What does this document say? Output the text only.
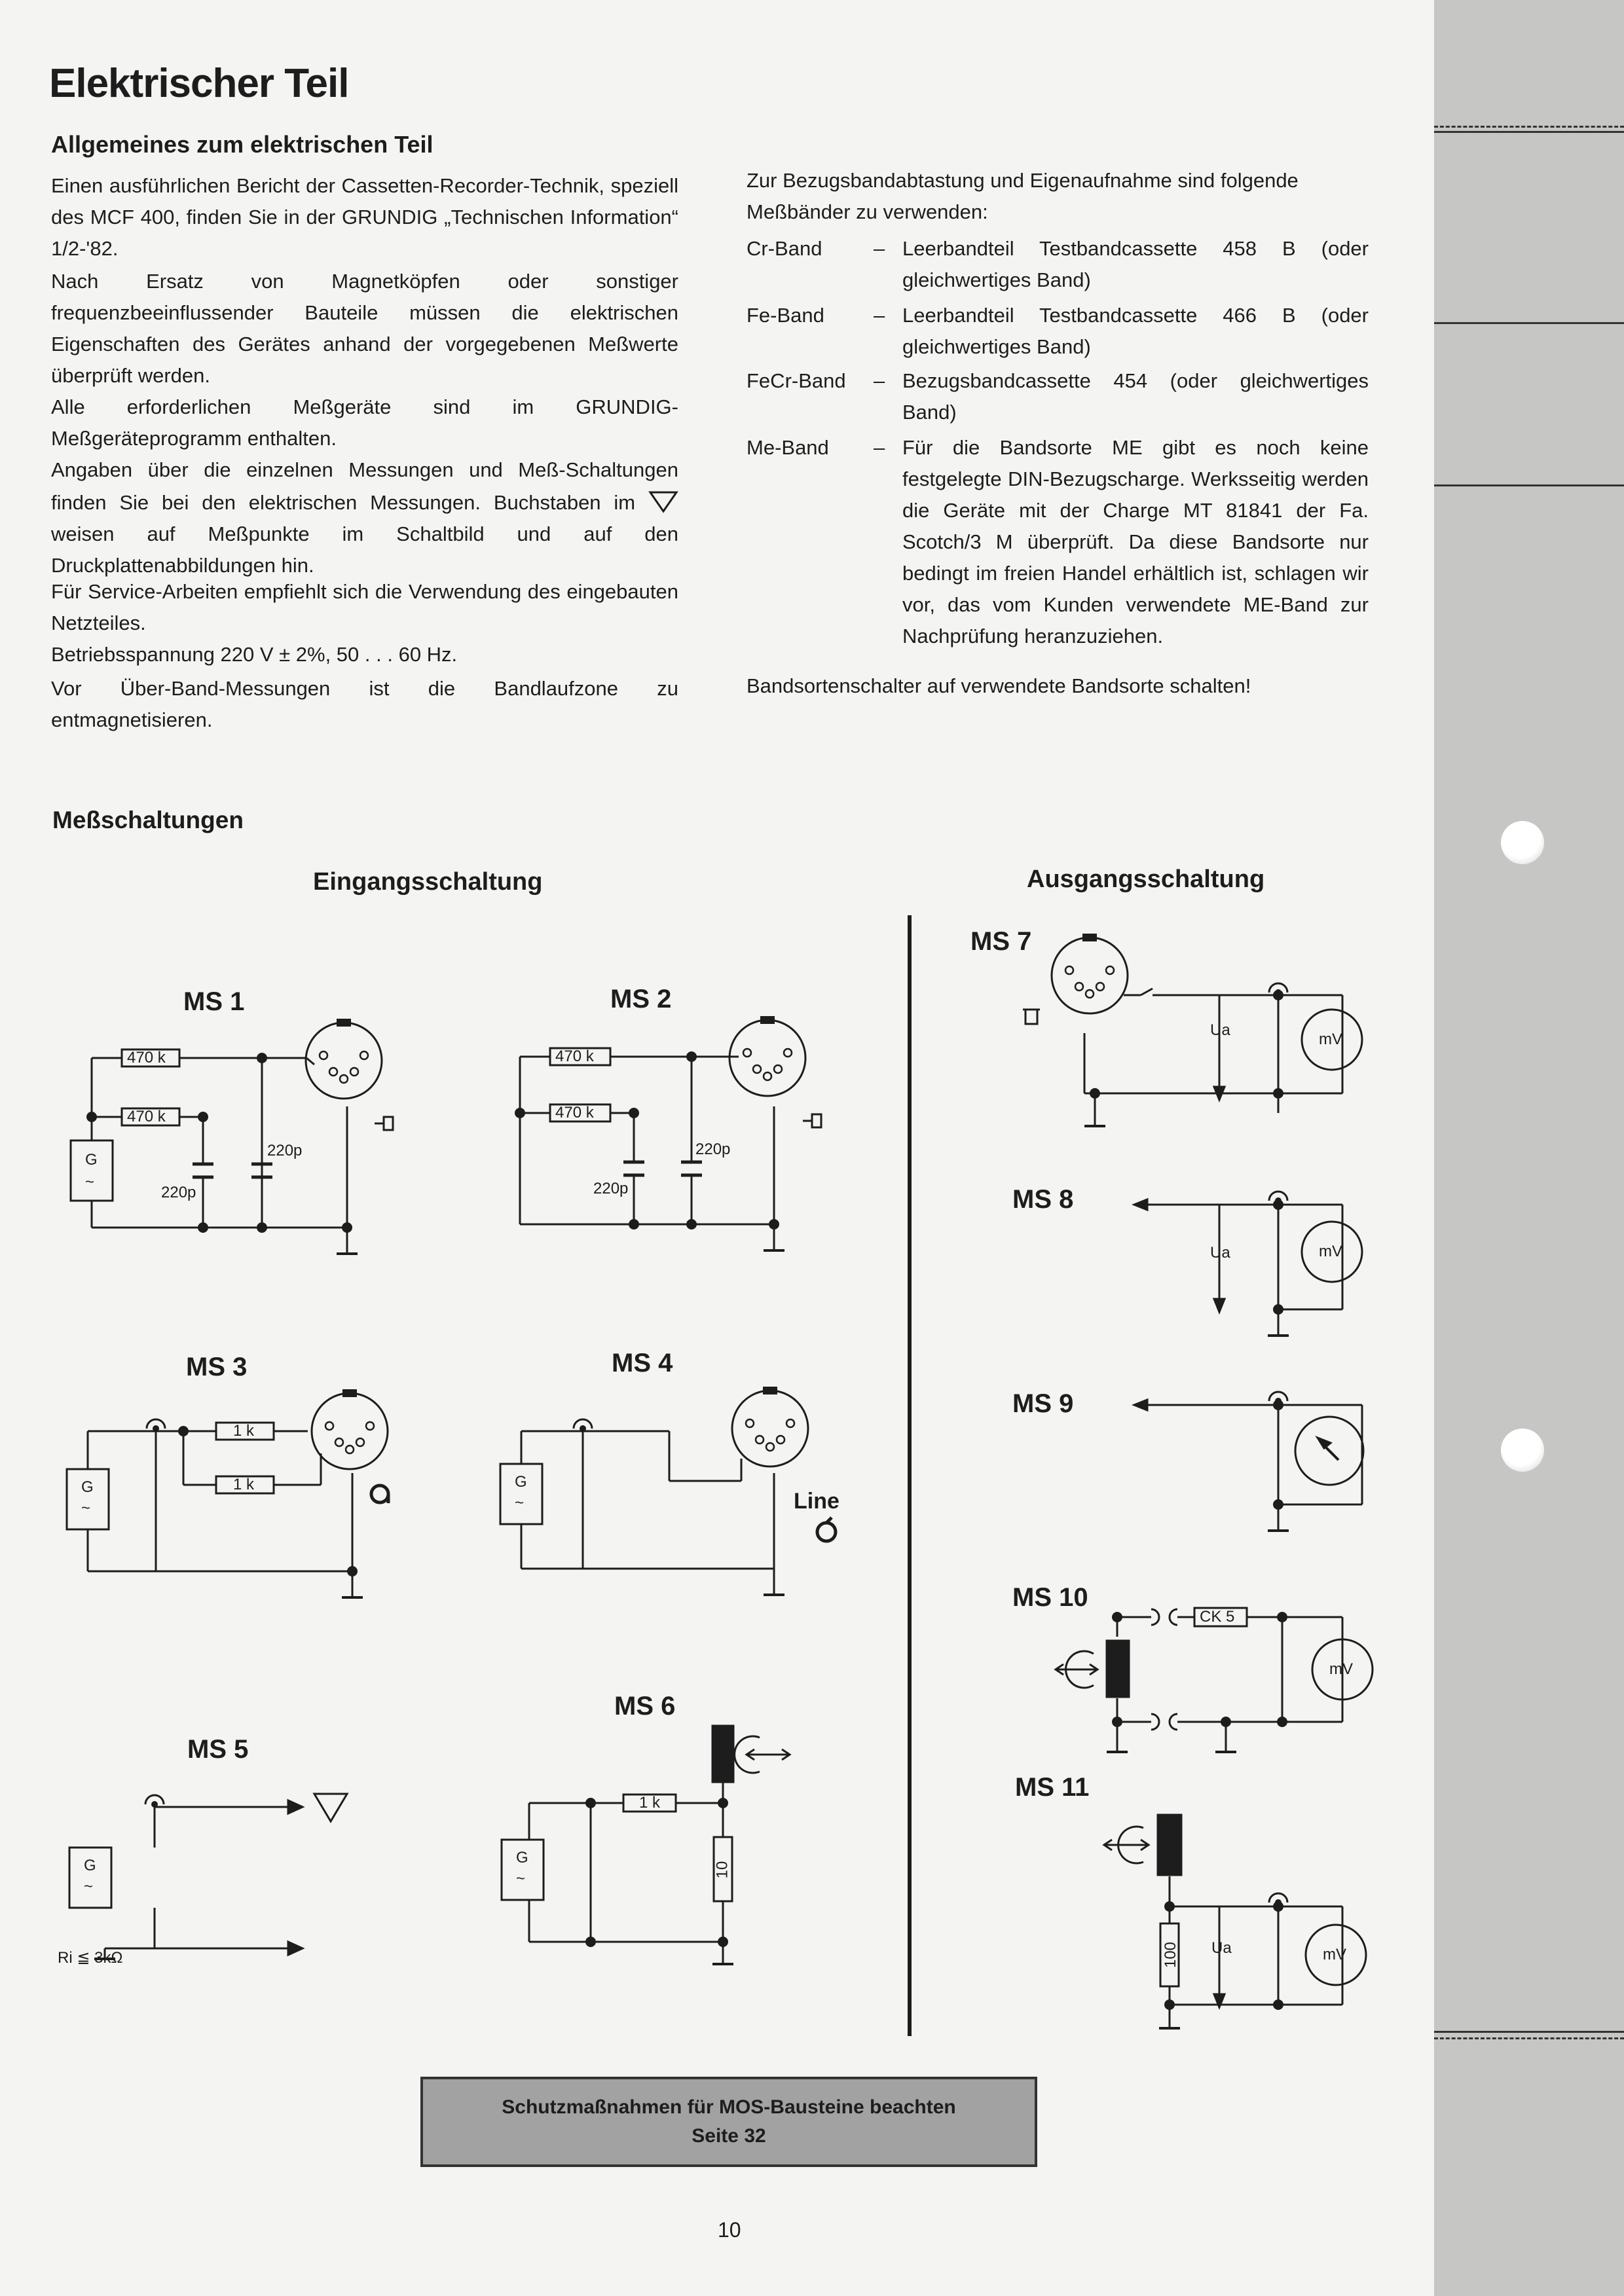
Elektrischer Teil
Allgemeines zum elektrischen Teil

Einen ausführlichen Bericht der Cassetten-Recorder-Technik, speziell des MCF 400, finden Sie in der GRUNDIG „Technischen Information“ 1/2-'82.

Nach Ersatz von Magnetköpfen oder sonstiger frequenzbeeinflussender Bauteile müssen die elektrischen Eigenschaften des Gerätes anhand der vorgegebenen Meßwerte überprüft werden.

Alle erforderlichen Meßgeräte sind im GRUNDIG-Meßgeräteprogramm enthalten.

Angaben über die einzelnen Messungen und Meß-Schaltungen finden Sie bei den elektrischen Messungen. Buchstaben im  weisen auf Meßpunkte im Schaltbild und auf den Druckplattenabbildungen hin.

Für Service-Arbeiten empfiehlt sich die Verwendung des eingebauten Netzteiles.

Betriebsspannung 220 V ± 2%, 50 . . . 60 Hz.

Vor Über-Band-Messungen ist die Bandlaufzone zu entmagnetisieren.

Zur Bezugsbandabtastung und Eigenaufnahme sind folgende Meßbänder zu verwenden:

Cr-Band	– Leerbandteil Testbandcassette 458 B (oder gleichwertiges Band)
Fe-Band – Leerbandteil Testbandcassette 466 B (oder gleichwertiges Band)
FeCr-Band – Bezugsbandcassette 454 (oder gleichwertiges Band)
Me-Band – Für die Bandsorte ME gibt es noch keine festgelegte DIN-Bezugscharge. Werksseitig werden die Geräte mit der Charge MT 81841 der Fa. Scotch/3 M überprüft. Da diese Bandsorte nur bedingt im freien Handel erhältlich ist, schlagen wir vor, das vom Kunden verwendete ME-Band zur Nachprüfung heranzuziehen.

Bandsortenschalter auf verwendete Bandsorte schalten!

Meßschaltungen
Eingangsschaltung	Ausgangsschaltung
MS 1	MS 2
MS 3	MS 4
MS 5
MS 6
MS 7
MS 8
MS 9
MS 10
MS 11
470 k
470 k
470 k
470 k
220p
220p
220p
220p
1 k
1 k
1 k
10
100
CK 5
mV
mV
mV
mV
Ua
Ua
Ua
G
~
G
~
G
~
G
~
G
~
Line
Ri ≦ 3kΩ
Schutzmaßnahmen für MOS-Bausteine beachten
Seite 32
10
